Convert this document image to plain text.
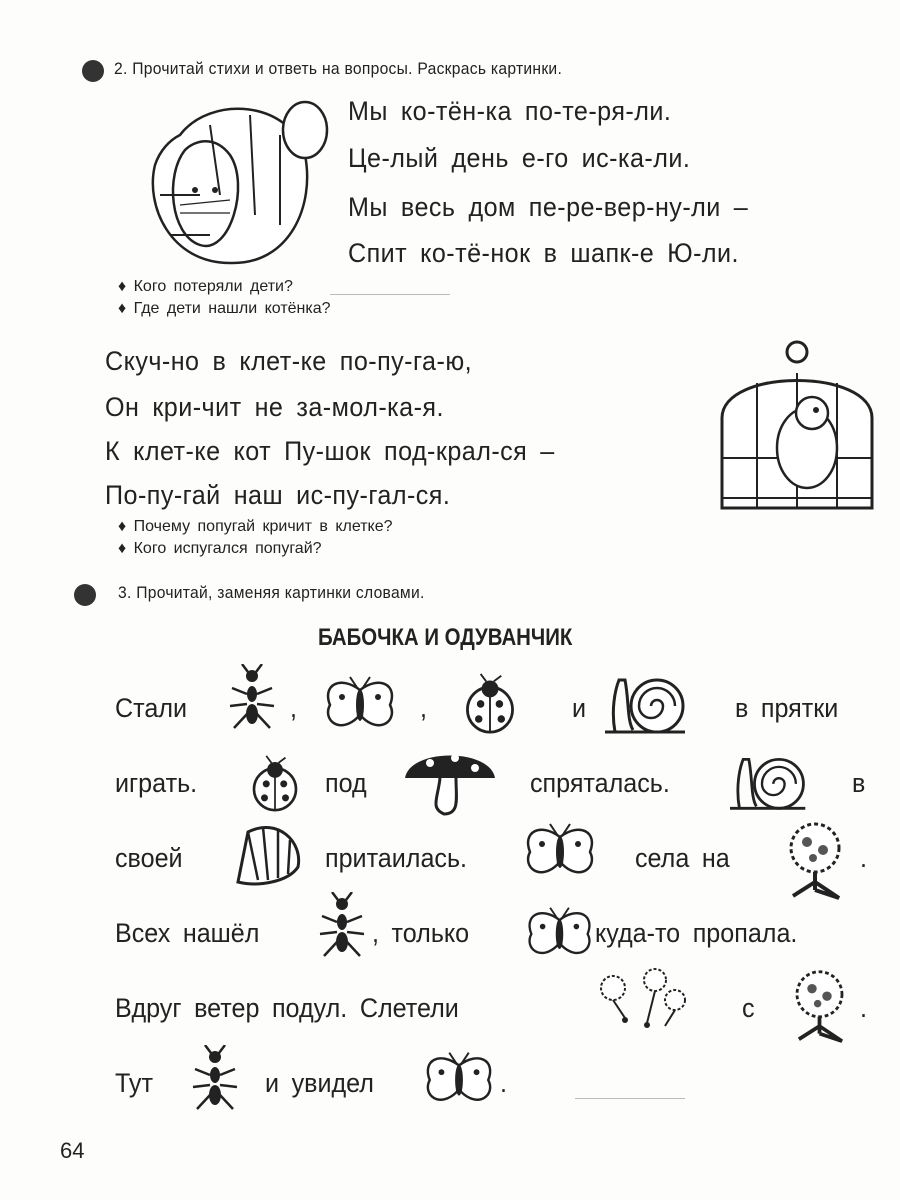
2. Прочитай стихи и ответь на вопросы. Раскрась картинки.
Мы ко-тён-ка по-те-ря-ли.
Це-лый день е-го ис-ка-ли.
Мы весь дом пе-ре-вер-ну-ли –
Спит ко-тё-нок в шапк-е Ю-ли.
♦ Кого потеряли дети?
♦ Где дети нашли котёнка?
Скуч-но в клет-ке по-пу-га-ю,
Он кри-чит не за-мол-ка-я.
К клет-ке кот Пу-шок под-крал-ся –
По-пу-гай наш ис-пу-гал-ся.
♦ Почему попугай кричит в клетке?
♦ Кого испугался попугай?
3. Прочитай, заменяя картинки словами.
БАБОЧКА И ОДУВАНЧИК
Стали	,	,	и	в прятки
играть.	под	спряталась.	в
своей	притаилась.	села на	.
Всех нашёл	, только	куда-то пропала.
Вдруг ветер подул. Слетели	с	.
Тут	и увидел	.
64
